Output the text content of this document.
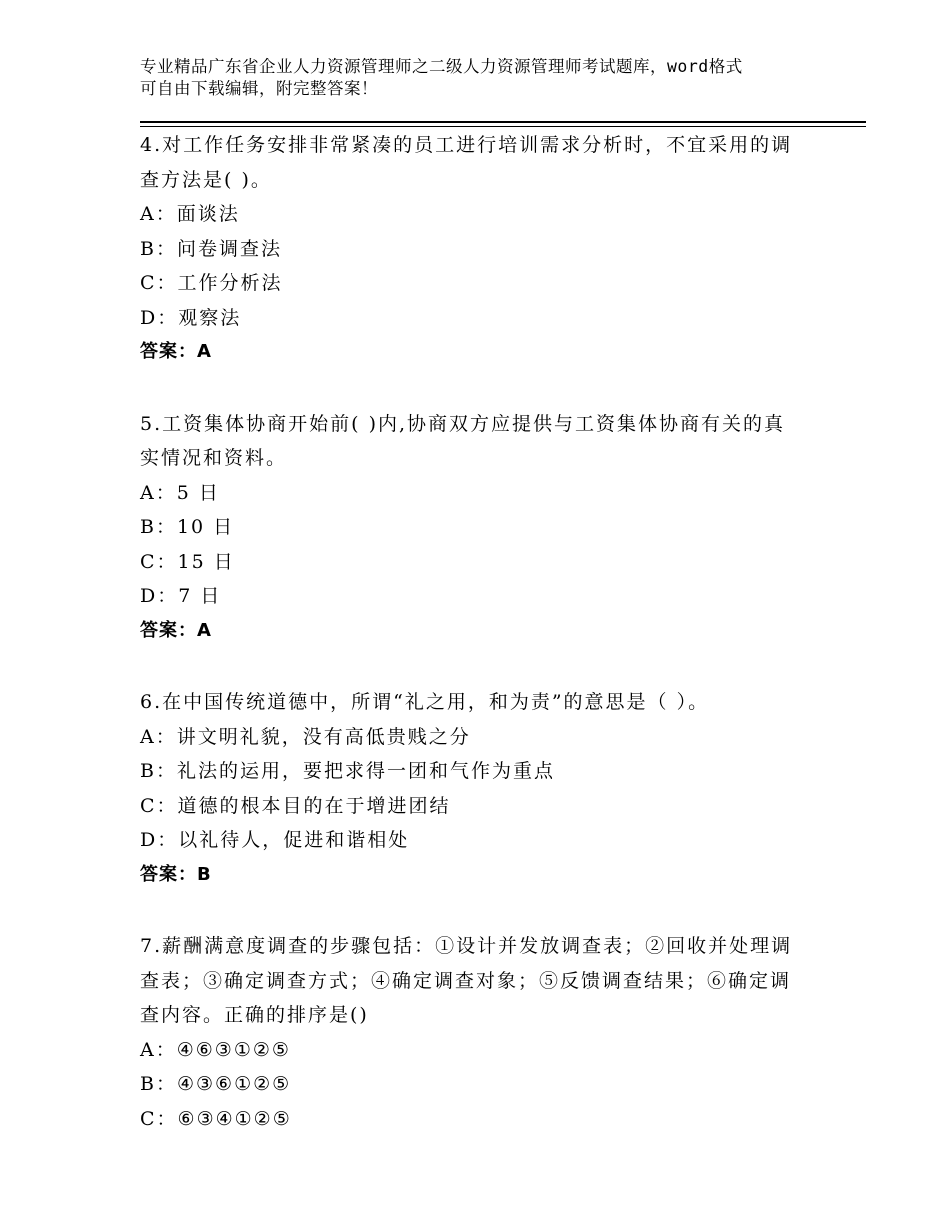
专业精品广东省企业人力资源管理师之二级人力资源管理师考试题库，word格式
可自由下载编辑，附完整答案！
4.对工作任务安排非常紧凑的员工进行培训需求分析时，不宜采用的调查方法是( )。
A： 面谈法
B： 问卷调查法
C： 工作分析法
D： 观察法
答案：A
5.工资集体协商开始前( )内,协商双方应提供与工资集体协商有关的真实情况和资料。
A： 5 日
B： 10 日
C： 15 日
D： 7 日
答案：A
6.在中国传统道德中，所谓“礼之用，和为责”的意思是（ ）。
A： 讲文明礼貌，没有高低贵贱之分
B： 礼法的运用，要把求得一团和气作为重点
C： 道德的根本目的在于增进团结
D： 以礼待人，促进和谐相处
答案：B
7.薪酬满意度调查的步骤包括：①设计并发放调查表；②回收并处理调查表；③确定调查方式；④确定调查对象；⑤反馈调查结果；⑥确定调查内容。正确的排序是()
A： ④⑥③①②⑤
B： ④③⑥①②⑤
C： ⑥③④①②⑤
